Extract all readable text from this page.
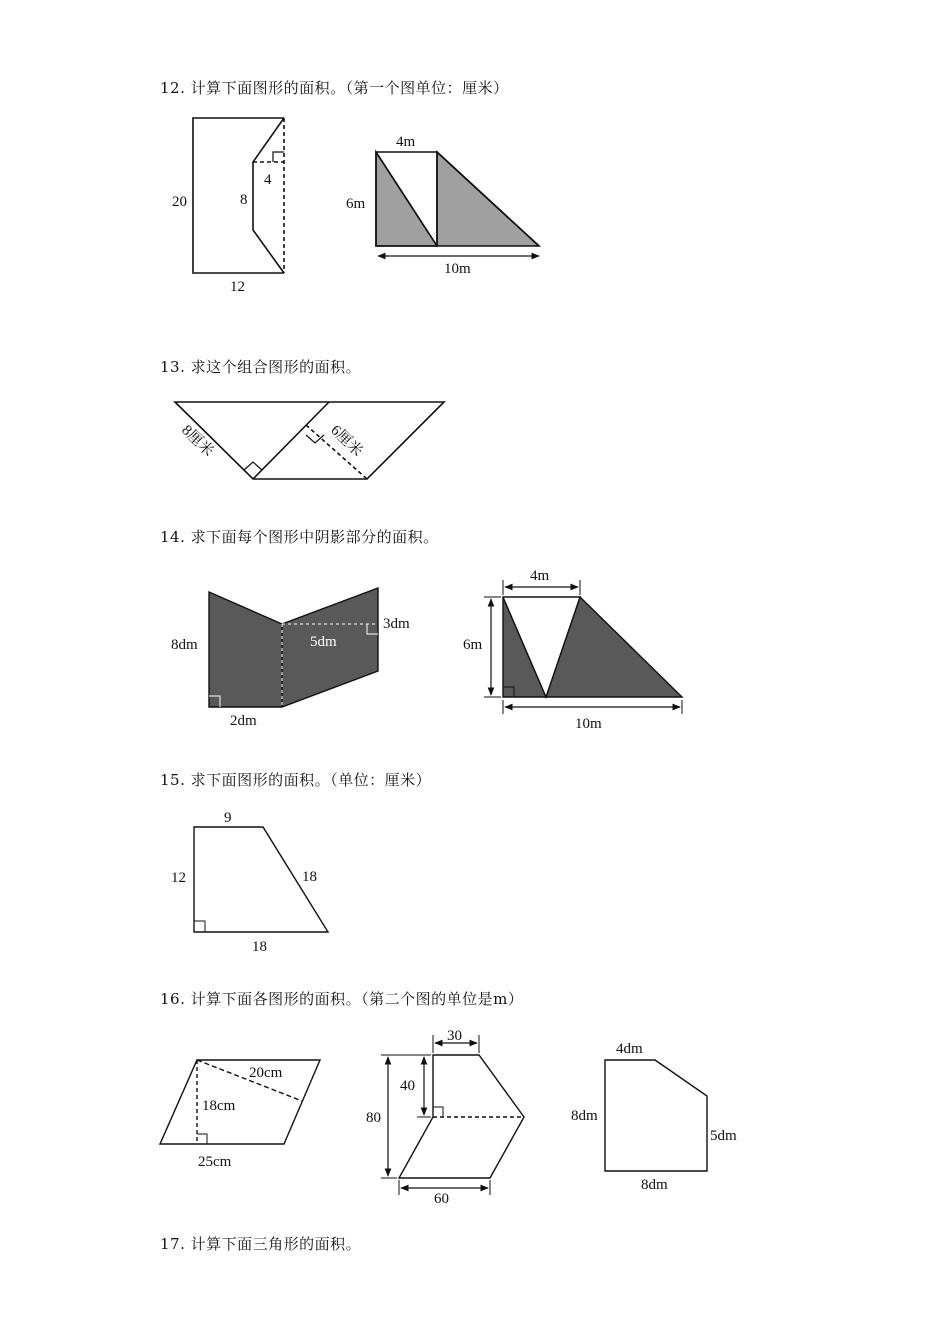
12. 计算下面图形的面积。（第一个图单位：厘米）
13. 求这个组合图形的面积。
14. 求下面每个图形中阴影部分的面积。
15. 求下面图形的面积。（单位：厘米）
16. 计算下面各图形的面积。（第二个图的单位是m）
17. 计算下面三角形的面积。
20	8
4
12
4m
6m
10m
8厘米	6厘米
8dm	5dm
3dm
2dm
4m
6m
10m
9
12	18
18
20cm
18cm
25cm
30
40
80
60
4dm
8dm
5dm
8dm
